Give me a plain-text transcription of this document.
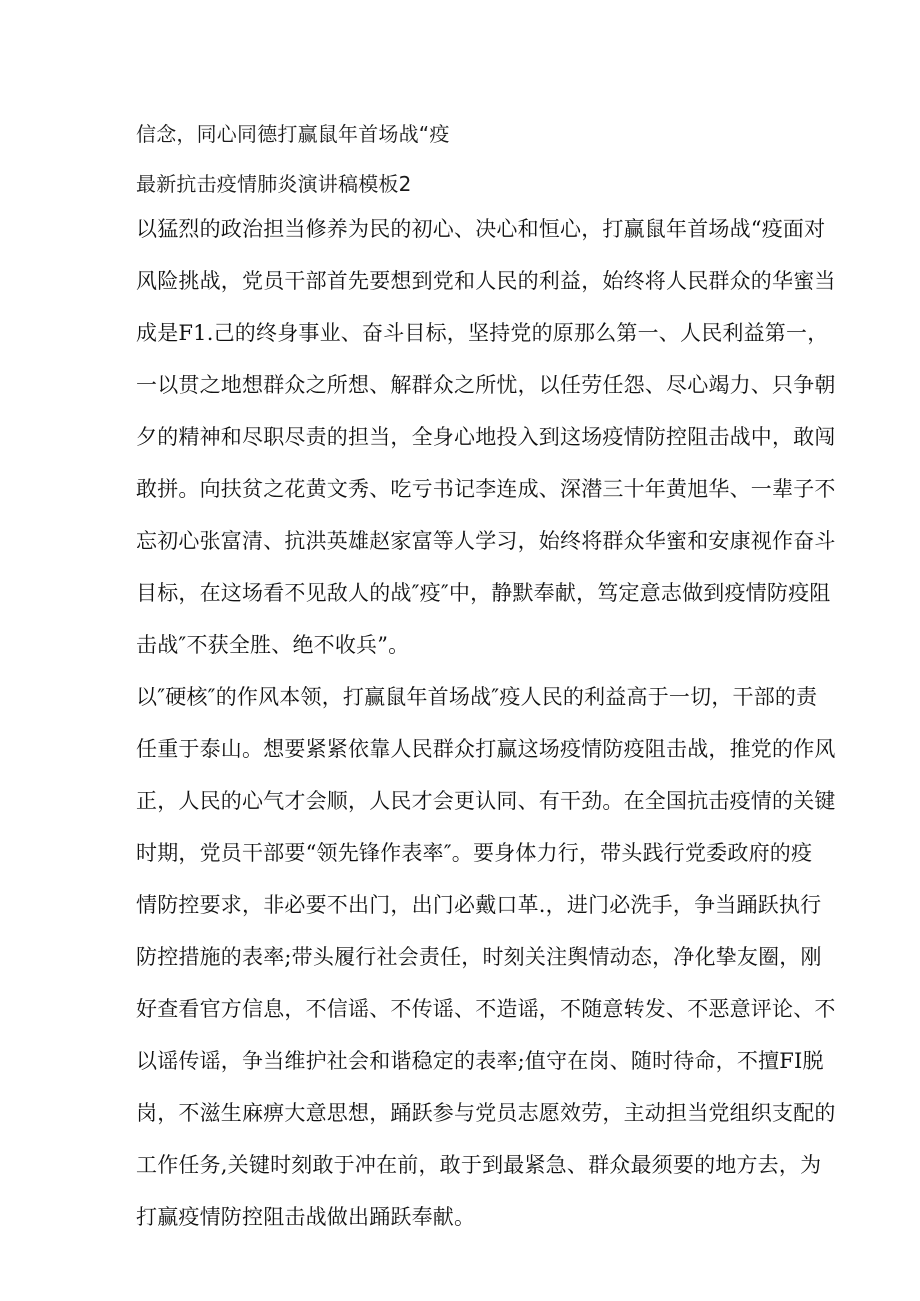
信念，同心同德打赢鼠年首场战“疫
最新抗击疫情肺炎演讲稿模板2
以猛烈的政治担当修养为民的初心、决心和恒心，打赢鼠年首场战“疫面对
风险挑战，党员干部首先要想到党和人民的利益，始终将人民群众的华蜜当
成是F1.己的终身事业、奋斗目标，坚持党的原那么第一、人民利益第一，
一以贯之地想群众之所想、解群众之所忧，以任劳任怨、尽心竭力、只争朝
夕的精神和尽职尽责的担当，全身心地投入到这场疫情防控阻击战中，敢闯
敢拼。向扶贫之花黄文秀、吃亏书记李连成、深潜三十年黄旭华、一辈子不
忘初心张富清、抗洪英雄赵家富等人学习，始终将群众华蜜和安康视作奋斗
目标，在这场看不见敌人的战″疫″中，静默奉献，笃定意志做到疫情防疫阻
击战″不获全胜、绝不收兵”。
以″硬核″的作风本领，打赢鼠年首场战″疫人民的利益高于一切，干部的责
任重于泰山。想要紧紧依靠人民群众打赢这场疫情防疫阻击战，推党的作风
正，人民的心气才会顺，人民才会更认同、有干劲。在全国抗击疫情的关键
时期，党员干部要“领先锋作表率″。要身体力行，带头践行党委政府的疫
情防控要求，非必要不出门，出门必戴口革.，进门必洗手，争当踊跃执行
防控措施的表率;带头履行社会责任，时刻关注舆情动态，净化挚友圈，刚
好查看官方信息，不信谣、不传谣、不造谣，不随意转发、不恶意评论、不
以谣传谣，争当维护社会和谐稳定的表率;值守在岗、随时待命，不擅FI脱
岗，不滋生麻痹大意思想，踊跃参与党员志愿效劳，主动担当党组织支配的
工作任务,关键时刻敢于冲在前，敢于到最紧急、群众最须要的地方去，为
打赢疫情防控阻击战做出踊跃奉献。
